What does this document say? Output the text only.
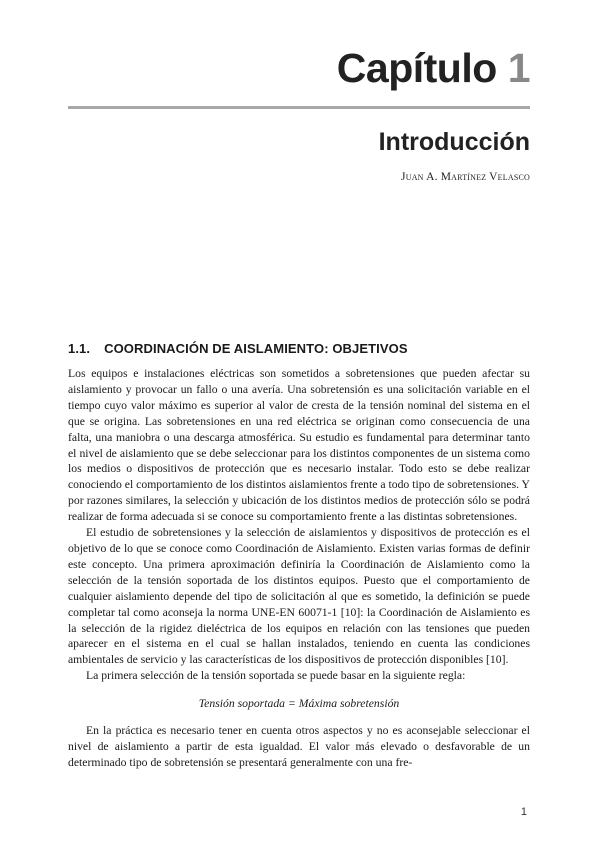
Capítulo 1
Introducción
Juan A. Martínez Velasco
1.1. COORDINACIÓN DE AISLAMIENTO: OBJETIVOS

Los equipos e instalaciones eléctricas son sometidos a sobretensiones que pueden afectar su aislamiento y provocar un fallo o una avería. Una sobretensión es una solicitación variable en el tiempo cuyo valor máximo es superior al valor de cresta de la tensión nominal del sistema en el que se origina. Las sobretensiones en una red eléctrica se originan como consecuencia de una falta, una maniobra o una descarga atmosférica. Su estudio es fundamental para determinar tanto el nivel de aislamiento que se debe seleccionar para los distintos componentes de un sistema como los medios o dispositivos de protección que es necesario instalar. Todo esto se debe realizar conociendo el comportamiento de los distintos aislamientos frente a todo tipo de sobretensiones. Y por razones similares, la selección y ubicación de los distintos medios de protección sólo se podrá realizar de forma adecuada si se conoce su comportamiento frente a las distintas sobretensiones.

El estudio de sobretensiones y la selección de aislamientos y dispositivos de protección es el objetivo de lo que se conoce como Coordinación de Aislamiento. Existen varias formas de definir este concepto. Una primera aproximación definiría la Coordinación de Aislamiento como la selección de la tensión soportada de los distintos equipos. Puesto que el comportamiento de cualquier aislamiento depende del tipo de solicitación al que es sometido, la definición se puede completar tal como aconseja la norma UNE-EN 60071-1 [10]: la Coordinación de Aislamiento es la selección de la rigidez dieléctrica de los equipos en relación con las tensiones que pueden aparecer en el sistema en el cual se hallan instalados, teniendo en cuenta las condiciones ambientales de servicio y las características de los dispositivos de protección disponibles [10].

La primera selección de la tensión soportada se puede basar en la siguiente regla:

Tensión soportada = Máxima sobretensión

En la práctica es necesario tener en cuenta otros aspectos y no es aconsejable seleccionar el nivel de aislamiento a partir de esta igualdad. El valor más elevado o desfavorable de un determinado tipo de sobretensión se presentará generalmente con una fre-

1
